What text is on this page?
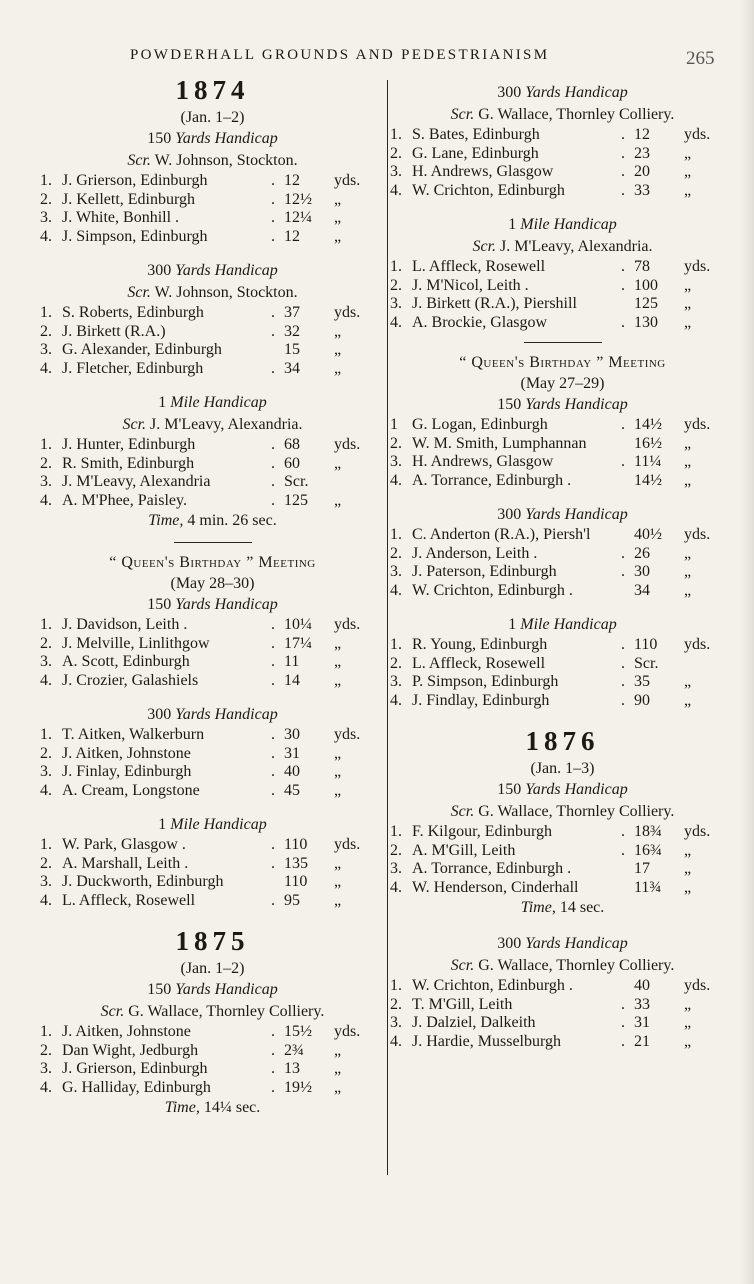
POWDERHALL GROUNDS AND PEDESTRIANISM	265
1874
(Jan. 1–2)
150 Yards Handicap
Scr. W. Johnson, Stockton.
1. J. Grierson, Edinburgh	. 12	yds.
2. J. Kellett, Edinburgh	. 12½	„
3. J. White, Bonhill .	. 12¼	„
4. J. Simpson, Edinburgh	. 12	„
300 Yards Handicap
Scr. W. Johnson, Stockton.
1. S. Roberts, Edinburgh	. 37	yds.
2. J. Birkett (R.A.)	. 32	„
3. G. Alexander, Edinburgh	15	„
4. J. Fletcher, Edinburgh	. 34	„
1 Mile Handicap
Scr. J. M'Leavy, Alexandria.
1. J. Hunter, Edinburgh	. 68	yds.
2. R. Smith, Edinburgh	. 60	„
3. J. M'Leavy, Alexandria	. Scr.
4. A. M'Phee, Paisley.	. 125	„
Time, 4 min. 26 sec.
“ Queen's Birthday ” Meeting
(May 28–30)
150 Yards Handicap
1. J. Davidson, Leith .	. 10¼	yds.
2. J. Melville, Linlithgow	. 17¼	„
3. A. Scott, Edinburgh	. 11	„
4. J. Crozier, Galashiels	. 14	„
300 Yards Handicap
1. T. Aitken, Walkerburn	. 30	yds.
2. J. Aitken, Johnstone	. 31	„
3. J. Finlay, Edinburgh	. 40	„
4. A. Cream, Longstone	. 45	„
1 Mile Handicap
1. W. Park, Glasgow .	. 110	yds.
2. A. Marshall, Leith .	. 135	„
3. J. Duckworth, Edinburgh	110	„
4. L. Affleck, Rosewell	. 95	„
1875
(Jan. 1–2)
150 Yards Handicap
Scr. G. Wallace, Thornley Colliery.
1. J. Aitken, Johnstone	. 15½	yds.
2. Dan Wight, Jedburgh	. 2¾	„
3. J. Grierson, Edinburgh	. 13	„
4. G. Halliday, Edinburgh	. 19½	„
Time, 14¼ sec.
300 Yards Handicap
Scr. G. Wallace, Thornley Colliery.
1. S. Bates, Edinburgh	. 12	yds.
2. G. Lane, Edinburgh	. 23	„
3. H. Andrews, Glasgow	. 20	„
4. W. Crichton, Edinburgh	. 33	„
1 Mile Handicap
Scr. J. M'Leavy, Alexandria.
1. L. Affleck, Rosewell	. 78	yds.
2. J. M'Nicol, Leith .	. 100	„
3. J. Birkett (R.A.), Piershill	125	„
4. A. Brockie, Glasgow	. 130	„
“ Queen's Birthday ” Meeting
(May 27–29)
150 Yards Handicap
1 G. Logan, Edinburgh	. 14½	yds.
2. W. M. Smith, Lumphannan	16½	„
3. H. Andrews, Glasgow	. 11¼	„
4. A. Torrance, Edinburgh .	14½	„
300 Yards Handicap
1. C. Anderton (R.A.), Piersh'l	40½	yds.
2. J. Anderson, Leith .	. 26	„
3. J. Paterson, Edinburgh	. 30	„
4. W. Crichton, Edinburgh .	34	„
1 Mile Handicap
1. R. Young, Edinburgh	. 110	yds.
2. L. Affleck, Rosewell	. Scr.
3. P. Simpson, Edinburgh	. 35	„
4. J. Findlay, Edinburgh	. 90	„
1876
(Jan. 1–3)
150 Yards Handicap
Scr. G. Wallace, Thornley Colliery.
1. F. Kilgour, Edinburgh	. 18¾	yds.
2. A. M'Gill, Leith	. 16¾	„
3. A. Torrance, Edinburgh .	17	„
4. W. Henderson, Cinderhall	11¾	„
Time, 14 sec.
300 Yards Handicap
Scr. G. Wallace, Thornley Colliery.
1. W. Crichton, Edinburgh .	40	yds.
2. T. M'Gill, Leith	. 33	„
3. J. Dalziel, Dalkeith	. 31	„
4. J. Hardie, Musselburgh	. 21	„
